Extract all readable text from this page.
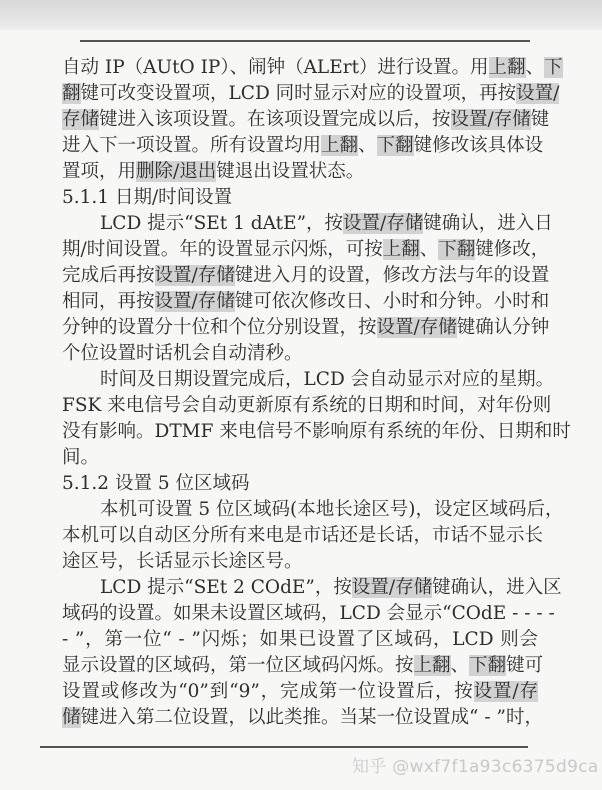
自动 IP（AUtO IP）、闹钟（ALErt）进行设置。用上翻、下
翻键可改变设置项，LCD 同时显示对应的设置项，再按设置/
存储键进入该项设置。在该项设置完成以后，按设置/存储键
进入下一项设置。所有设置均用上翻、下翻键修改该具体设
置项，用删除/退出键退出设置状态。
5.1.1 日期/时间设置
LCD 提示“SEt 1 dAtE”，按设置/存储键确认，进入日
期/时间设置。年的设置显示闪烁，可按上翻、下翻键修改，
完成后再按设置/存储键进入月的设置，修改方法与年的设置
相同，再按设置/存储键可依次修改日、小时和分钟。小时和
分钟的设置分十位和个位分别设置，按设置/存储键确认分钟
个位设置时话机会自动清秒。
时间及日期设置完成后，LCD 会自动显示对应的星期。
FSK 来电信号会自动更新原有系统的日期和时间，对年份则
没有影响。DTMF 来电信号不影响原有系统的年份、日期和时
间。
5.1.2 设置 5 位区域码
本机可设置 5 位区域码(本地长途区号)，设定区域码后，
本机可以自动区分所有来电是市话还是长话，市话不显示长
途区号，长话显示长途区号。
LCD 提示“SEt 2 COdE”，按设置/存储键确认，进入区
域码的设置。如果未设置区域码，LCD 会显示“COdE - - - -
- ”，第一位“ - ”闪烁；如果已设置了区域码，LCD 则会
显示设置的区域码，第一位区域码闪烁。按上翻、下翻键可
设置或修改为“0”到“9”，完成第一位设置后，按设置/存
储键进入第二位设置，以此类推。当某一位设置成“ - ”时，
知乎 @wxf7f1a93c6375d9ca
